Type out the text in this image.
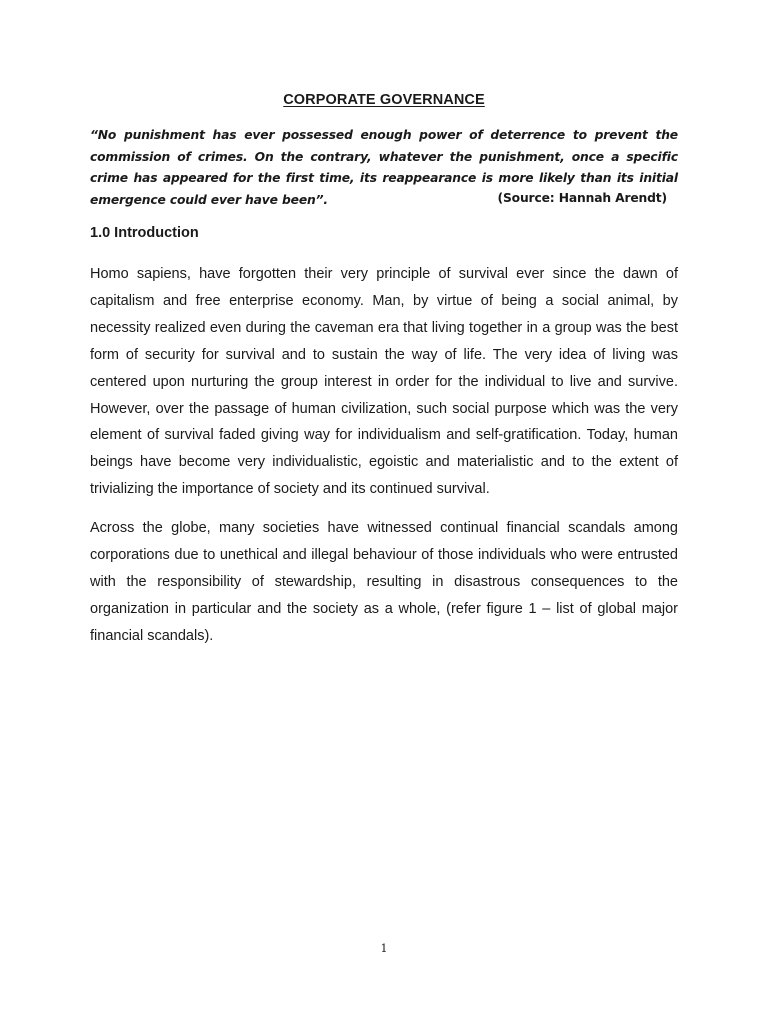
CORPORATE GOVERNANCE

“No punishment has ever possessed enough power of deterrence to prevent the commission of crimes. On the contrary, whatever the punishment, once a specific crime has appeared for the first time, its reappearance is more likely than its initial emergence could ever have been”.	(Source: Hannah Arendt)
1.0 Introduction

Homo sapiens, have forgotten their very principle of survival ever since the dawn of capitalism and free enterprise economy. Man, by virtue of being a social animal, by necessity realized even during the caveman era that living together in a group was the best form of security for survival and to sustain the way of life. The very idea of living was centered upon nurturing the group interest in order for the individual to live and survive. However, over the passage of human civilization, such social purpose which was the very element of survival faded giving way for individualism and self-gratification. Today, human beings have become very individualistic, egoistic and materialistic and to the extent of trivializing the importance of society and its continued survival.

Across the globe, many societies have witnessed continual financial scandals among corporations due to unethical and illegal behaviour of those individuals who were entrusted with the responsibility of stewardship, resulting in disastrous consequences to the organization in particular and the society as a whole, (refer figure 1 – list of global major financial scandals).

1
